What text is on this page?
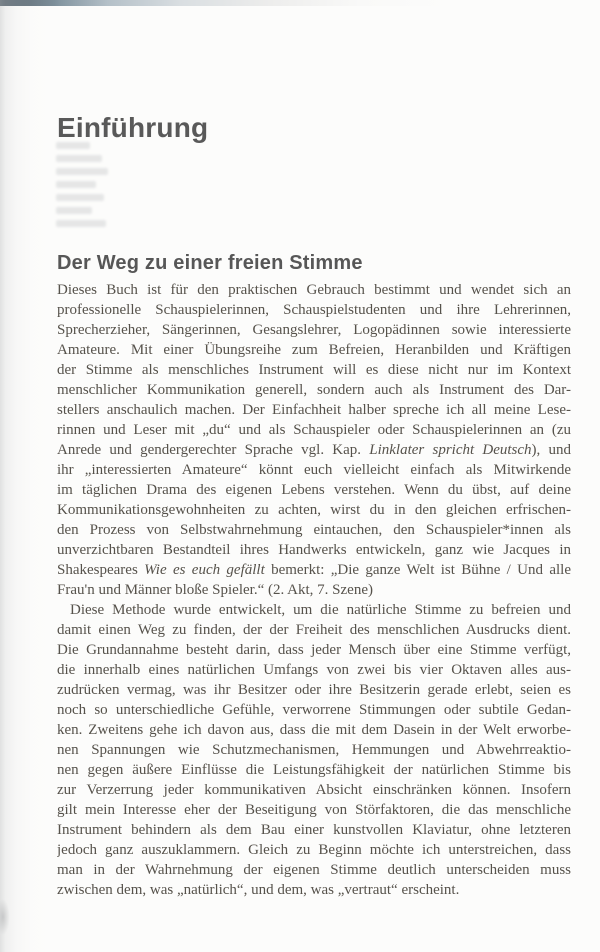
Einführung
Der Weg zu einer freien Stimme
Dieses Buch ist für den praktischen Gebrauch bestimmt und wendet sich an
professionelle Schauspielerinnen, Schauspielstudenten und ihre Lehrerinnen,
Sprecherzieher, Sängerinnen, Gesangslehrer, Logopädinnen sowie interessierte
Amateure. Mit einer Übungsreihe zum Befreien, Heranbilden und Kräftigen
der Stimme als menschliches Instrument will es diese nicht nur im Kontext
menschlicher Kommunikation generell, sondern auch als Instrument des Dar-
stellers anschaulich machen. Der Einfachheit halber spreche ich all meine Lese-
rinnen und Leser mit „du“ und als Schauspieler oder Schauspielerinnen an (zu
Anrede und gendergerechter Sprache vgl. Kap. Linklater spricht Deutsch), und
ihr „interessierten Amateure“ könnt euch vielleicht einfach als Mitwirkende
im täglichen Drama des eigenen Lebens verstehen. Wenn du übst, auf deine
Kommunikationsgewohnheiten zu achten, wirst du in den gleichen erfrischen-
den Prozess von Selbstwahrnehmung eintauchen, den Schauspieler*innen als
unverzichtbaren Bestandteil ihres Handwerks entwickeln, ganz wie Jacques in
Shakespeares Wie es euch gefällt bemerkt: „Die ganze Welt ist Bühne / Und alle
Frau'n und Männer bloße Spieler.“ (2. Akt, 7. Szene)
Diese Methode wurde entwickelt, um die natürliche Stimme zu befreien und
damit einen Weg zu finden, der der Freiheit des menschlichen Ausdrucks dient.
Die Grundannahme besteht darin, dass jeder Mensch über eine Stimme verfügt,
die innerhalb eines natürlichen Umfangs von zwei bis vier Oktaven alles aus-
zudrücken vermag, was ihr Besitzer oder ihre Besitzerin gerade erlebt, seien es
noch so unterschiedliche Gefühle, verworrene Stimmungen oder subtile Gedan-
ken. Zweitens gehe ich davon aus, dass die mit dem Dasein in der Welt erworbe-
nen Spannungen wie Schutzmechanismen, Hemmungen und Abwehrreaktio-
nen gegen äußere Einflüsse die Leistungsfähigkeit der natürlichen Stimme bis
zur Verzerrung jeder kommunikativen Absicht einschränken können. Insofern
gilt mein Interesse eher der Beseitigung von Störfaktoren, die das menschliche
Instrument behindern als dem Bau einer kunstvollen Klaviatur, ohne letzteren
jedoch ganz auszuklammern. Gleich zu Beginn möchte ich unterstreichen, dass
man in der Wahrnehmung der eigenen Stimme deutlich unterscheiden muss
zwischen dem, was „natürlich“, und dem, was „vertraut“ erscheint.
